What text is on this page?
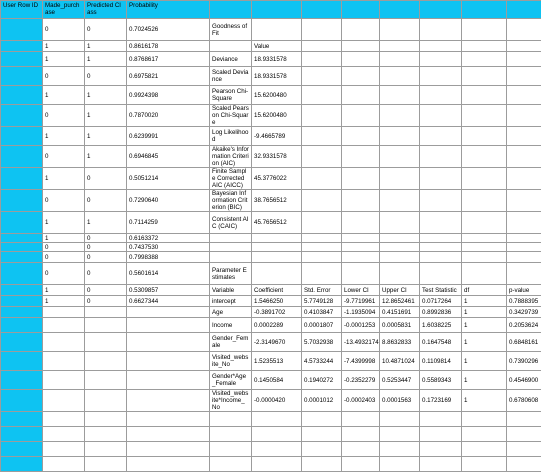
User Row ID	Made_purchase	Predicted Class	Probability									
	0	0	0.7024526	Goodness of Fit								
	1	1	0.8616178		Value							
	1	1	0.8768617	Deviance	18.9331578							
	0	0	0.6975821	Scaled Deviance	18.9331578							
	1	1	0.9924398	Pearson Chi-Square	15.6200480							
	0	1	0.7870020	Scaled Pearson Chi-Square	15.6200480							
	1	1	0.6239991	Log Likelihood	-9.4665789							
	0	1	0.6946845	Akaike's Information Criterion (AIC)	32.9331578							
	1	0	0.5051214	Finite Sample Corrected AIC (AICC)	45.3776022							
	0	0	0.7290640	Bayesian Information Criterion (BIC)	38.7656512							
	1	1	0.7114259	Consistent AIC (CAIC)	45.7656512							
	1	0	0.6163372									
	0	0	0.7437530									
	0	0	0.7998388									
	0	0	0.5601614	Parameter Estimates								
	1	0	0.5309857	Variable	Coefficient	Std. Error	Lower CI	Upper CI	Test Statistic	df	p-value	
	1	0	0.6627344	intercept	1.5466250	5.7749128	-9.7719961	12.8652461	0.0717264	1	0.7888395	
				Age	-0.3891702	0.4103847	-1.1935094	0.4151691	0.8992836	1	0.3429739	
				Income	0.0002289	0.0001807	-0.0001253	0.0005831	1.6038225	1	0.2053624	
				Gender_Female	-2.3149670	5.7032938	-13.4932174	8.8632833	0.1647548	1	0.6848161	
				Visited_website_No	1.5235513	4.5733244	-7.4399998	10.4871024	0.1109814	1	0.7390296	
				Gender*Age_Female	0.1450584	0.1940272	-0.2352279	0.5253447	0.5589343	1	0.4546900	
				Visited_website*Income_No	-0.0000420	0.0001012	-0.0002403	0.0001563	0.1723169	1	0.6780608	
